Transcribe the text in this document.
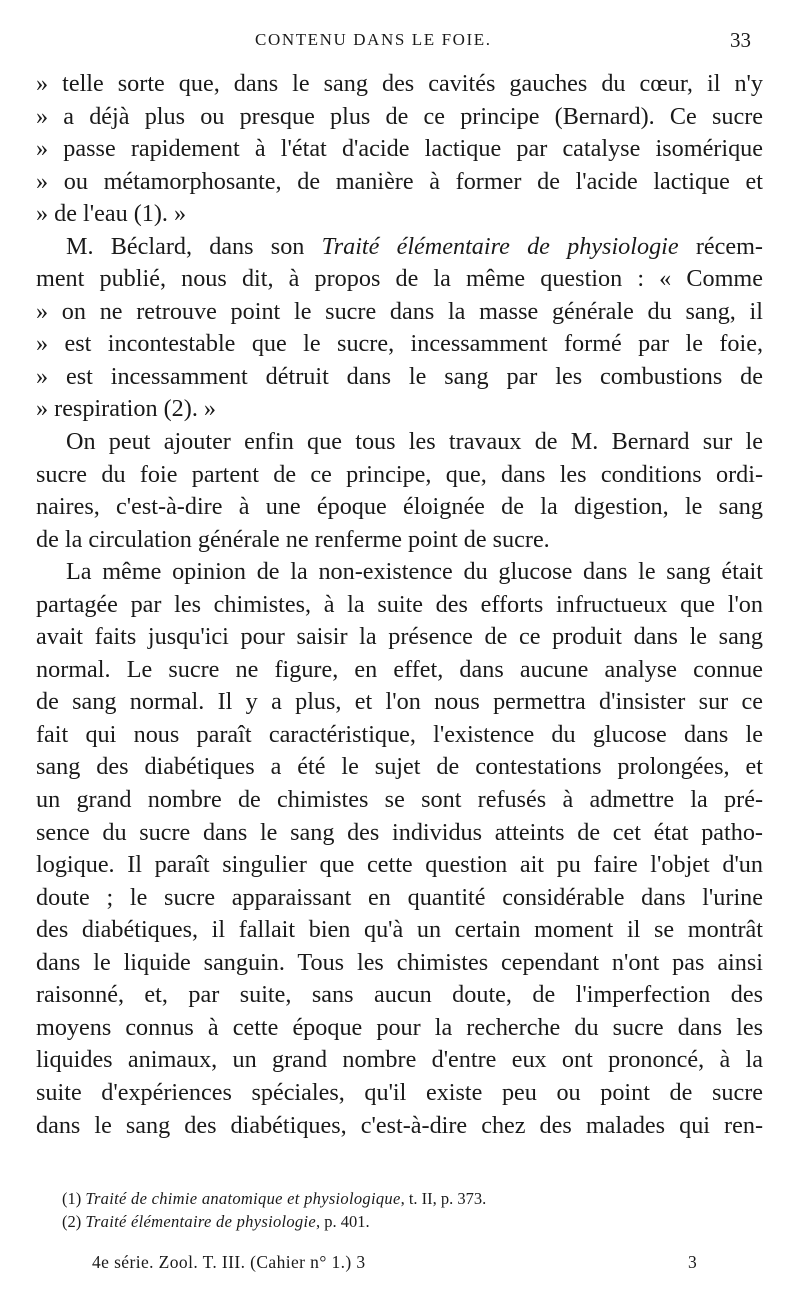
CONTENU DANS LE FOIE.	33
» telle sorte que, dans le sang des cavités gauches du cœur, il n'y
» a déjà plus ou presque plus de ce principe (Bernard). Ce sucre
» passe rapidement à l'état d'acide lactique par catalyse isomérique
» ou métamorphosante, de manière à former de l'acide lactique et
» de l'eau (1). »
M. Béclard, dans son Traité élémentaire de physiologie récem-
ment publié, nous dit, à propos de la même question : « Comme
» on ne retrouve point le sucre dans la masse générale du sang, il
» est incontestable que le sucre, incessamment formé par le foie,
» est incessamment détruit dans le sang par les combustions de
» respiration (2). »
On peut ajouter enfin que tous les travaux de M. Bernard sur le
sucre du foie partent de ce principe, que, dans les conditions ordi-
naires, c'est-à-dire à une époque éloignée de la digestion, le sang
de la circulation générale ne renferme point de sucre.
La même opinion de la non-existence du glucose dans le sang était
partagée par les chimistes, à la suite des efforts infructueux que l'on
avait faits jusqu'ici pour saisir la présence de ce produit dans le sang
normal. Le sucre ne figure, en effet, dans aucune analyse connue
de sang normal. Il y a plus, et l'on nous permettra d'insister sur ce
fait qui nous paraît caractéristique, l'existence du glucose dans le
sang des diabétiques a été le sujet de contestations prolongées, et
un grand nombre de chimistes se sont refusés à admettre la pré-
sence du sucre dans le sang des individus atteints de cet état patho-
logique. Il paraît singulier que cette question ait pu faire l'objet d'un
doute ; le sucre apparaissant en quantité considérable dans l'urine
des diabétiques, il fallait bien qu'à un certain moment il se montrât
dans le liquide sanguin. Tous les chimistes cependant n'ont pas ainsi
raisonné, et, par suite, sans aucun doute, de l'imperfection des
moyens connus à cette époque pour la recherche du sucre dans les
liquides animaux, un grand nombre d'entre eux ont prononcé, à la
suite d'expériences spéciales, qu'il existe peu ou point de sucre
dans le sang des diabétiques, c'est-à-dire chez des malades qui ren-
(1) Traité de chimie anatomique et physiologique, t. II, p. 373.
(2) Traité élémentaire de physiologie, p. 401.
4e série. Zool. T. III. (Cahier n° 1.) 3	3
